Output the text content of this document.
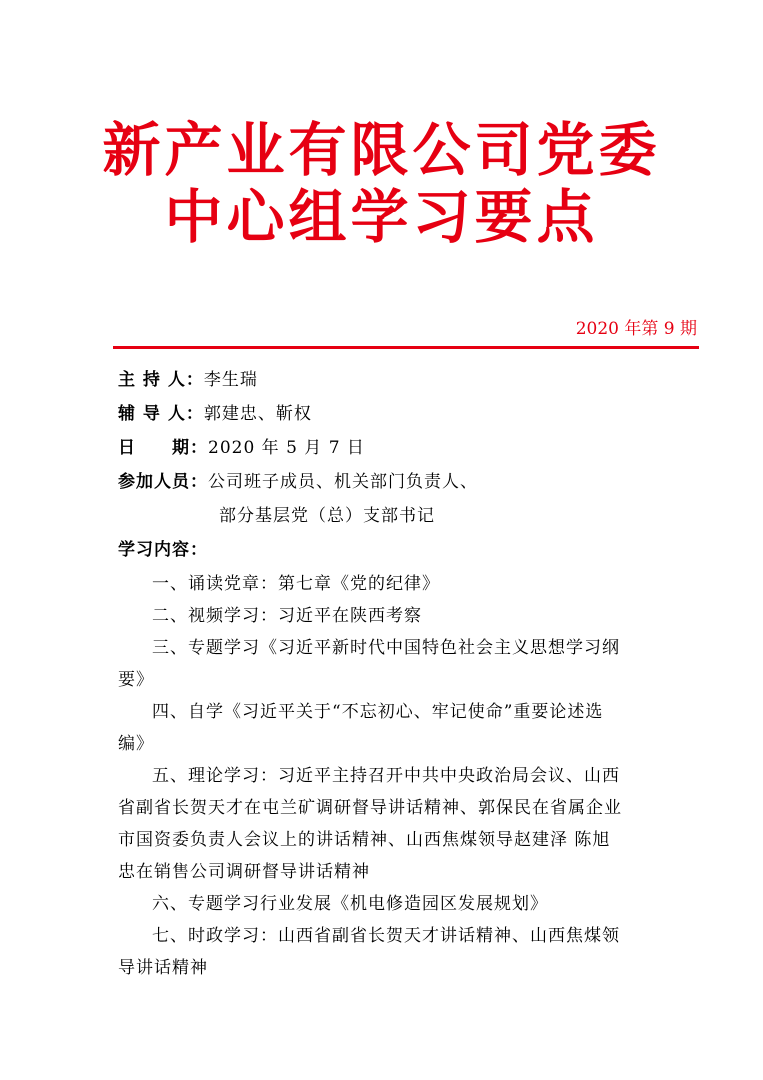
新产业有限公司党委
中心组学习要点
2020 年第 9 期
主 持 人：李生瑞
辅 导 人：郭建忠、靳权
日　　期：2020 年 5 月 7 日
参加人员：公司班子成员、机关部门负责人、
部分基层党（总）支部书记
学习内容：
一、诵读党章：第七章《党的纪律》
二、视频学习：习近平在陕西考察
三、专题学习《习近平新时代中国特色社会主义思想学习纲
要》
四、自学《习近平关于“不忘初心、牢记使命”重要论述选
编》
五、理论学习：习近平主持召开中共中央政治局会议、山西
省副省长贺天才在屯兰矿调研督导讲话精神、郭保民在省属企业
市国资委负责人会议上的讲话精神、山西焦煤领导赵建泽 陈旭
忠在销售公司调研督导讲话精神
六、专题学习行业发展《机电修造园区发展规划》
七、时政学习：山西省副省长贺天才讲话精神、山西焦煤领
导讲话精神
